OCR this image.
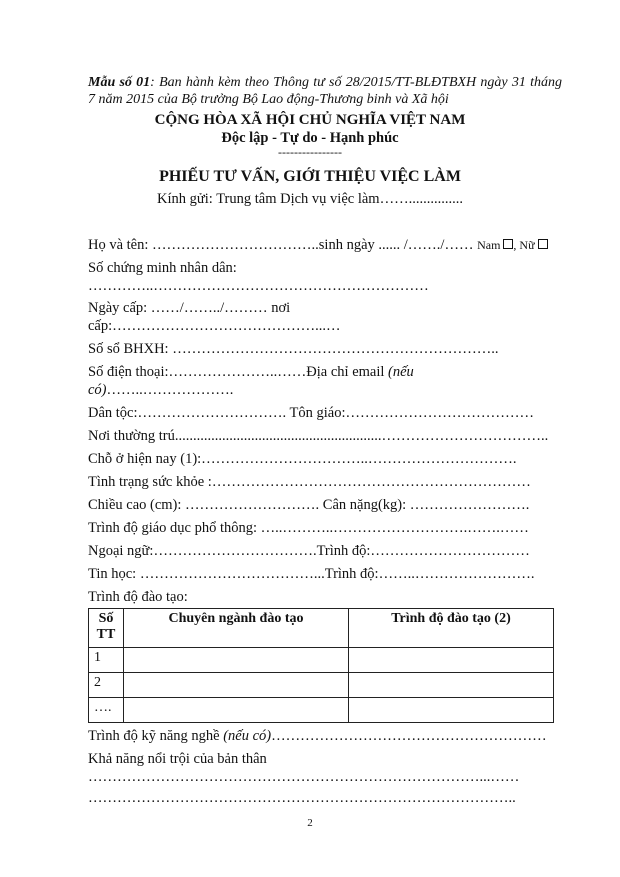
Mẫu số 01: Ban hành kèm theo Thông tư số 28/2015/TT-BLĐTBXH ngày 31 tháng 7 năm 2015 của Bộ trưởng Bộ Lao động-Thương binh và Xã hội
CỘNG HÒA XÃ HỘI CHỦ NGHĨA VIỆT NAM
Độc lập - Tự do - Hạnh phúc
----------------
PHIẾU TƯ VẤN, GIỚI THIỆU VIỆC LÀM
Kính gửi: Trung tâm Dịch vụ việc làm……...............
Họ và tên: ……………………………..sinh ngày ...... /……./…… Nam , Nữ
Số chứng minh nhân dân:
…………..…………………………………………………
Ngày cấp: ……/……../……… nơi
cấp:……………………………………...…
Số sổ BHXH: …………………………………………………………..
Số điện thoại:…………………..……Địa chỉ email (nếu
có)……..……………….
Dân tộc:…………………………. Tôn giáo:…………………………………
Nơi thường trú.........................................................……………………………..
Chỗ ở hiện nay (1):……………………………..………………………….
Tình trạng sức khỏe :…………………………………………………………
Chiều cao (cm): ………………………. Cân nặng(kg): …………………….
Trình độ giáo dục phổ thông: …..………..……………………….…….……
Ngoại ngữ:…………………………….Trình độ:……………………………
Tin học: ………………………………...Trình độ:……..…………………….
Trình độ đào tạo:
Số TT	Chuyên ngành đào tạo	Trình độ đào tạo (2)
1		
2		
….		
Trình độ kỹ năng nghề (nếu có)…………………………………………………
Khả năng nổi trội của bản thân
………………………………………………………………………...……
……………………………………………………………………………..
2
